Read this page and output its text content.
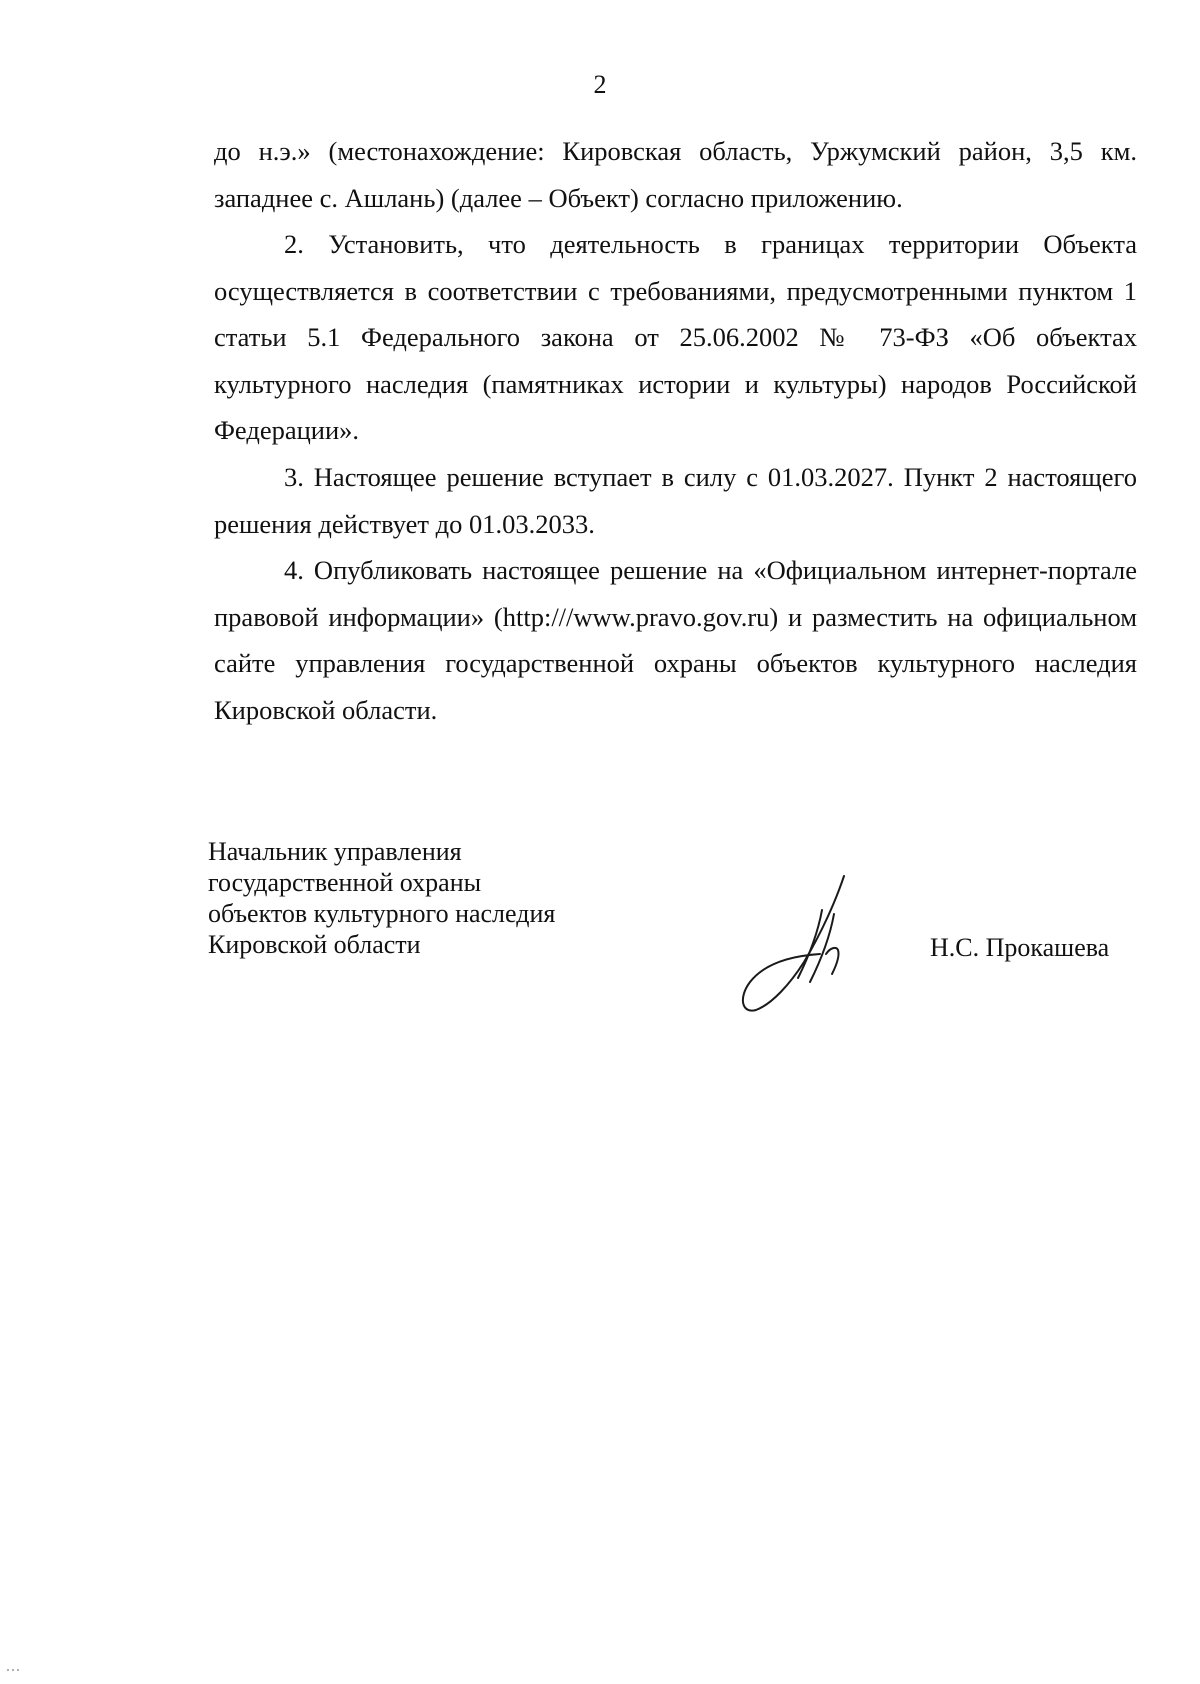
2

до н.э.» (местонахождение: Кировская область, Уржумский район, 3,5 км. западнее с. Ашлань) (далее – Объект) согласно приложению.

2. Установить, что деятельность в границах территории Объекта осуществляется в соответствии с требованиями, предусмотренными пунктом 1 статьи 5.1 Федерального закона от 25.06.2002 № 73-ФЗ «Об объектах культурного наследия (памятниках истории и культуры) народов Российской Федерации».

3. Настоящее решение вступает в силу с 01.03.2027. Пункт 2 настоящего решения действует до 01.03.2033.

4. Опубликовать настоящее решение на «Официальном интернет-портале правовой информации» (http:///www.pravo.gov.ru) и разместить на официальном сайте управления государственной охраны объектов культурного наследия Кировской области.

Начальник управления
государственной охраны
объектов культурного наследия
Кировской области	Н.С. Прокашева
